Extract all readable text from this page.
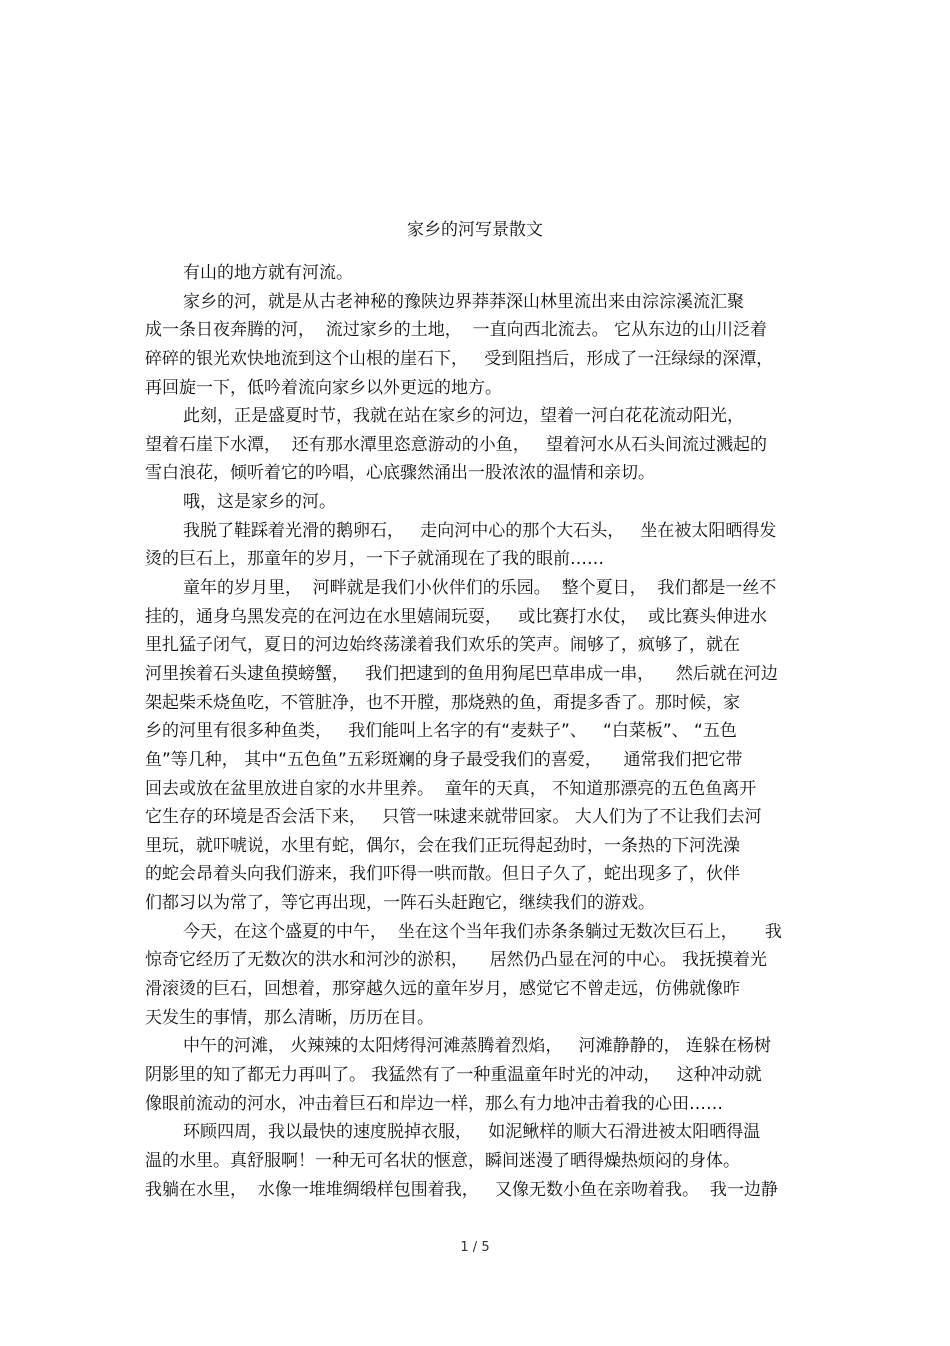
家乡的河写景散文
有山的地方就有河流。
家乡的河，就是从古老神秘的豫陕边界莽莽深山林里流出来由淙淙溪流汇聚
成一条日夜奔腾的河，  流过家乡的土地，  一直向西北流去。 它从东边的山川泛着
碎碎的银光欢快地流到这个山根的崖石下，   受到阻挡后，形成了一汪绿绿的深潭，
再回旋一下，低吟着流向家乡以外更远的地方。
此刻，正是盛夏时节，我就在站在家乡的河边，望着一河白花花流动阳光，
望着石崖下水潭，  还有那水潭里恣意游动的小鱼，   望着河水从石头间流过溅起的
雪白浪花，倾听着它的吟唱，心底骤然涌出一股浓浓的温情和亲切。
哦，这是家乡的河。
我脱了鞋踩着光滑的鹅卵石，   走向河中心的那个大石头，   坐在被太阳晒得发
烫的巨石上，那童年的岁月，一下子就涌现在了我的眼前……
童年的岁月里，  河畔就是我们小伙伴们的乐园。  整个夏日，  我们都是一丝不
挂的，通身乌黑发亮的在河边在水里嬉闹玩耍，   或比赛打水仗，  或比赛头伸进水
里扎猛子闭气，夏日的河边始终荡漾着我们欢乐的笑声。闹够了，疯够了，就在
河里挨着石头逮鱼摸螃蟹，   我们把逮到的鱼用狗尾巴草串成一串，    然后就在河边
架起柴禾烧鱼吃，不管脏净，也不开膛，那烧熟的鱼，甭提多香了。那时候，家
乡的河里有很多种鱼类，   我们能叫上名字的有“麦麸子”、   “白菜板”、 “五色
鱼”等几种， 其中“五色鱼”五彩斑斓的身子最受我们的喜爱，    通常我们把它带
回去或放在盆里放进自家的水井里养。  童年的天真， 不知道那漂亮的五色鱼离开
它生存的环境是否会活下来，   只管一味逮来就带回家。 大人们为了不让我们去河
里玩，就吓唬说，水里有蛇，偶尔，会在我们正玩得起劲时，一条热的下河洗澡
的蛇会昂着头向我们游来，我们吓得一哄而散。但日子久了，蛇出现多了，伙伴
们都习以为常了，等它再出现，一阵石头赶跑它，继续我们的游戏。
今天，在这个盛夏的中午，  坐在这个当年我们赤条条躺过无数次巨石上，     我
惊奇它经历了无数次的洪水和河沙的淤积，    居然仍凸显在河的中心。 我抚摸着光
滑滚烫的巨石，回想着，那穿越久远的童年岁月，感觉它不曾走远，仿佛就像昨
天发生的事情，那么清晰，历历在目。
中午的河滩， 火辣辣的太阳烤得河滩蒸腾着烈焰，   河滩静静的， 连躲在杨树
阴影里的知了都无力再叫了。 我猛然有了一种重温童年时光的冲动，   这种冲动就
像眼前流动的河水，冲击着巨石和岸边一样，那么有力地冲击着我的心田……
环顾四周，我以最快的速度脱掉衣服，   如泥鳅样的顺大石滑进被太阳晒得温
温的水里。真舒服啊！一种无可名状的惬意，瞬间迷漫了晒得燥热烦闷的身体。
我躺在水里，  水像一堆堆绸缎样包围着我，   又像无数小鱼在亲吻着我。  我一边静
1 / 5
